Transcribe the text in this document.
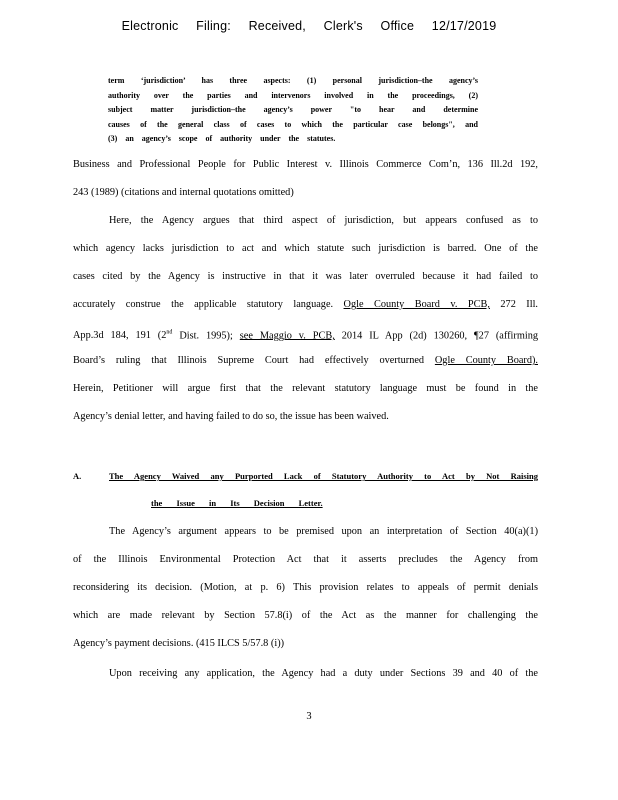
Electronic Filing: Received, Clerk's Office 12/17/2019
term ‘jurisdiction’ has three aspects: (1) personal jurisdiction–the agency’s
authority over the parties and intervenors involved in the proceedings, (2)
subject matter jurisdiction–the agency’s power "to hear and determine
causes of the general class of cases to which the particular case belongs", and
(3) an agency’s scope of authority under the statutes.
Business and Professional People for Public Interest v. Illinois Commerce Com’n, 136 Ill.2d 192,
243 (1989) (citations and internal quotations omitted)
Here, the Agency argues that third aspect of jurisdiction, but appears confused as to
which agency lacks jurisdiction to act and which statute such jurisdiction is barred. One of the
cases cited by the Agency is instructive in that it was later overruled because it had failed to
accurately construe the applicable statutory language. Ogle County Board v. PCB, 272 Ill.
App.3d 184, 191 (2nd Dist. 1995); see Maggio v. PCB, 2014 IL App (2d) 130260, ¶27 (affirming
Board’s ruling that Illinois Supreme Court had effectively overturned Ogle County Board).
Herein, Petitioner will argue first that the relevant statutory language must be found in the
Agency’s denial letter, and having failed to do so, the issue has been waived.
A.	The Agency Waived any Purported Lack of Statutory Authority to Act by Not Raising
the Issue in Its Decision Letter.
The Agency’s argument appears to be premised upon an interpretation of Section 40(a)(1)
of the Illinois Environmental Protection Act that it asserts precludes the Agency from
reconsidering its decision. (Motion, at p. 6) This provision relates to appeals of permit denials
which are made relevant by Section 57.8(i) of the Act as the manner for challenging the
Agency’s payment decisions. (415 ILCS 5/57.8 (i))
Upon receiving any application, the Agency had a duty under Sections 39 and 40 of the
3
